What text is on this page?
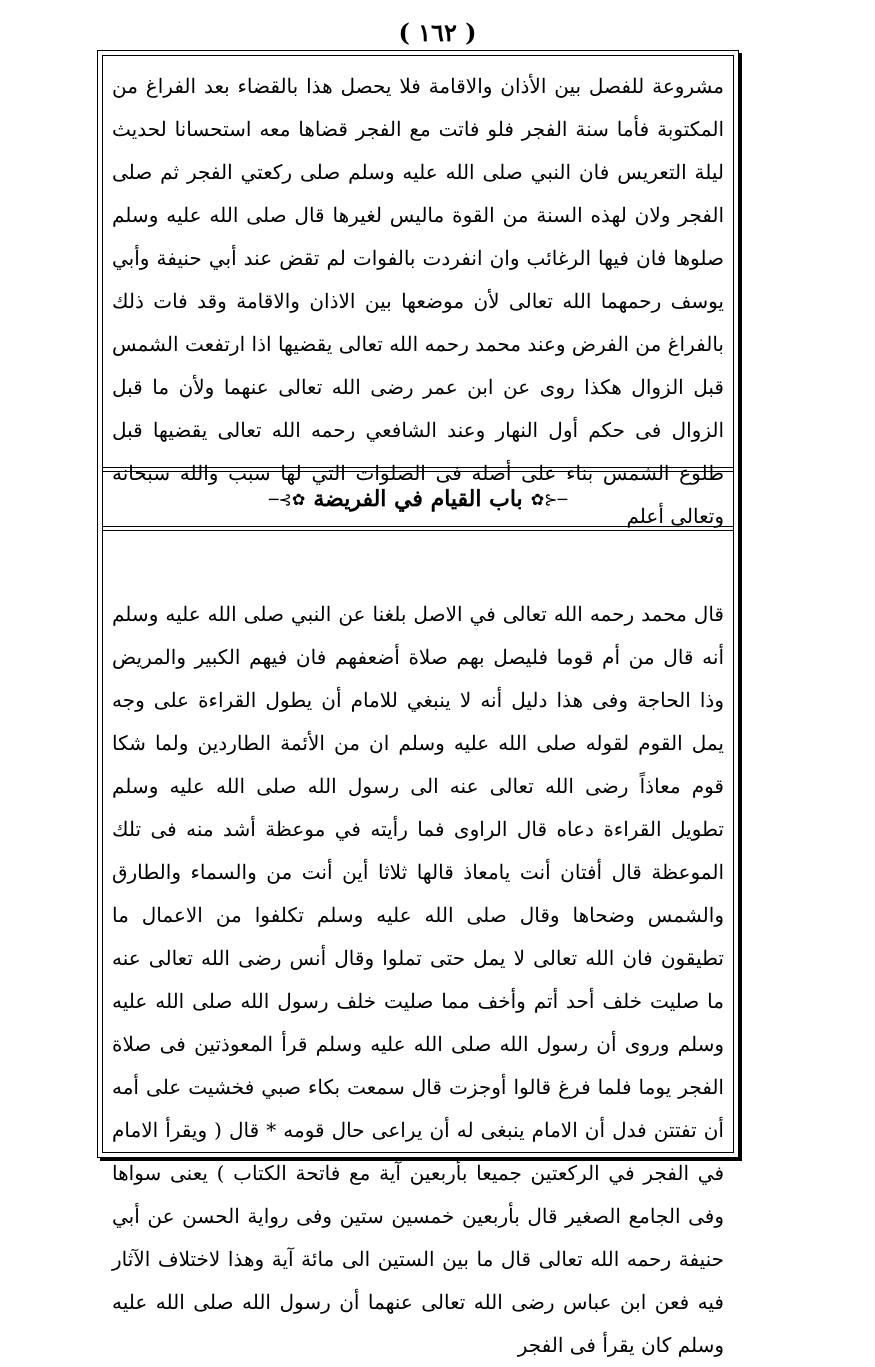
( ١٦٢ )

مشروعة للفصل بين الأذان والاقامة فلا يحصل هذا بالقضاء بعد الفراغ من المكتوبة فأما سنة الفجر فلو فاتت مع الفجر قضاها معه استحسانا لحديث ليلة التعريس فان النبي صلى الله عليه وسلم صلى ركعتي الفجر ثم صلى الفجر ولان لهذه السنة من القوة ماليس لغيرها قال صلى الله عليه وسلم صلوها فان فيها الرغائب وان انفردت بالفوات لم تقض عند أبي حنيفة وأبي يوسف رحمهما الله تعالى لأن موضعها بين الاذان والاقامة وقد فات ذلك بالفراغ من الفرض وعند محمد رحمه الله تعالى يقضيها اذا ارتفعت الشمس قبل الزوال هكذا روى عن ابن عمر رضى الله تعالى عنهما ولأن ما قبل الزوال فى حكم أول النهار وعند الشافعي رحمه الله تعالى يقضيها قبل طلوع الشمس بناء على أصله فى الصلوات التي لها سبب والله سبحانه وتعالى أعلم

─⊰✿
باب القيام في الفريضة
✿⊱─

قال محمد رحمه الله تعالى في الاصل بلغنا عن النبي صلى الله عليه وسلم أنه قال من أم قوما فليصل بهم صلاة أضعفهم فان فيهم الكبير والمريض وذا الحاجة وفى هذا دليل أنه لا ينبغي للامام أن يطول القراءة على وجه يمل القوم لقوله صلى الله عليه وسلم ان من الأئمة الطاردين ولما شكا قوم معاذاً رضى الله تعالى عنه الى رسول الله صلى الله عليه وسلم تطويل القراءة دعاه قال الراوى فما رأيته في موعظة أشد منه فى تلك الموعظة قال أفتان أنت يامعاذ قالها ثلاثا أين أنت من والسماء والطارق والشمس وضحاها وقال صلى الله عليه وسلم تكلفوا من الاعمال ما تطيقون فان الله تعالى لا يمل حتى تملوا وقال أنس رضى الله تعالى عنه ما صليت خلف أحد أتم وأخف مما صليت خلف رسول الله صلى الله عليه وسلم وروى أن رسول الله صلى الله عليه وسلم قرأ المعوذتين فى صلاة الفجر يوما فلما فرغ قالوا أوجزت قال سمعت بكاء صبي فخشيت على أمه أن تفتتن فدل أن الامام ينبغى له أن يراعى حال قومه * قال ( ويقرأ الامام في الفجر في الركعتين جميعا بأربعين آية مع فاتحة الكتاب ) يعنى سواها وفى الجامع الصغير قال بأربعين خمسين ستين وفى رواية الحسن عن أبي حنيفة رحمه الله تعالى قال ما بين الستين الى مائة آية وهذا لاختلاف الآثار فيه فعن ابن عباس رضى الله تعالى عنهما أن رسول الله صلى الله عليه وسلم كان يقرأ فى الفجر
